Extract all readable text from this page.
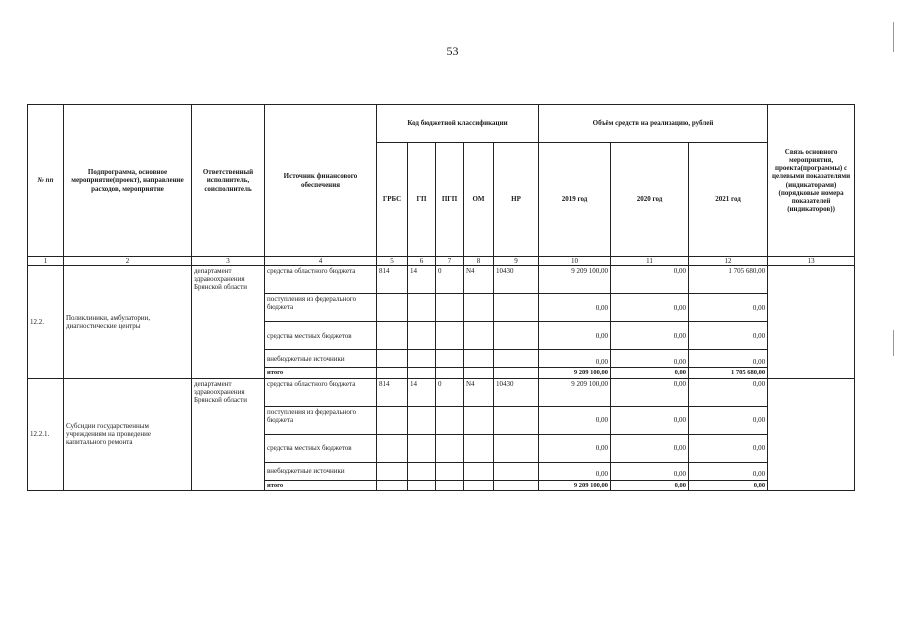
53
№ пп	Подпрограмма, основное мероприятие(проект), направление расходов, мероприятие	Ответственный исполнитель, соисполнитель	Источник финансового обеспечения	Код бюджетной классификации					Объём средств на реализацию, рублей			Связь основного мероприятия, проекта(программы) с целевыми показателями (индикаторами) (порядковые номера показателей (индикаторов))
				ГРБС	ГП	ПГП	ОМ	НР	2019 год	2020 год	2021 год	
1	2	3	4	5	6	7	8	9	10	11	12	13
12.2.	Поликлиники, амбулатории, диагностические центры	департамент здравоохранения Брянской области	средства областного бюджета	814	14	0	N4	10430	9 209 100,00	0,00	1 705 680,00	
			поступления из федерального бюджета						0,00	0,00	0,00	
			средства местных бюджетов						0,00	0,00	0,00	
			внебюджетные источники						0,00	0,00	0,00	
			итого						9 209 100,00	0,00	1 705 680,00	
12.2.1.	Субсидии государственным учреждениям на проведение капитального ремонта	департамент здравоохранения Брянской области	средства областного бюджета	814	14	0	N4	10430	9 209 100,00	0,00	0,00	
			поступления из федерального бюджета						0,00	0,00	0,00	
			средства местных бюджетов						0,00	0,00	0,00	
			внебюджетные источники						0,00	0,00	0,00	
			итого						9 209 100,00	0,00	0,00	
